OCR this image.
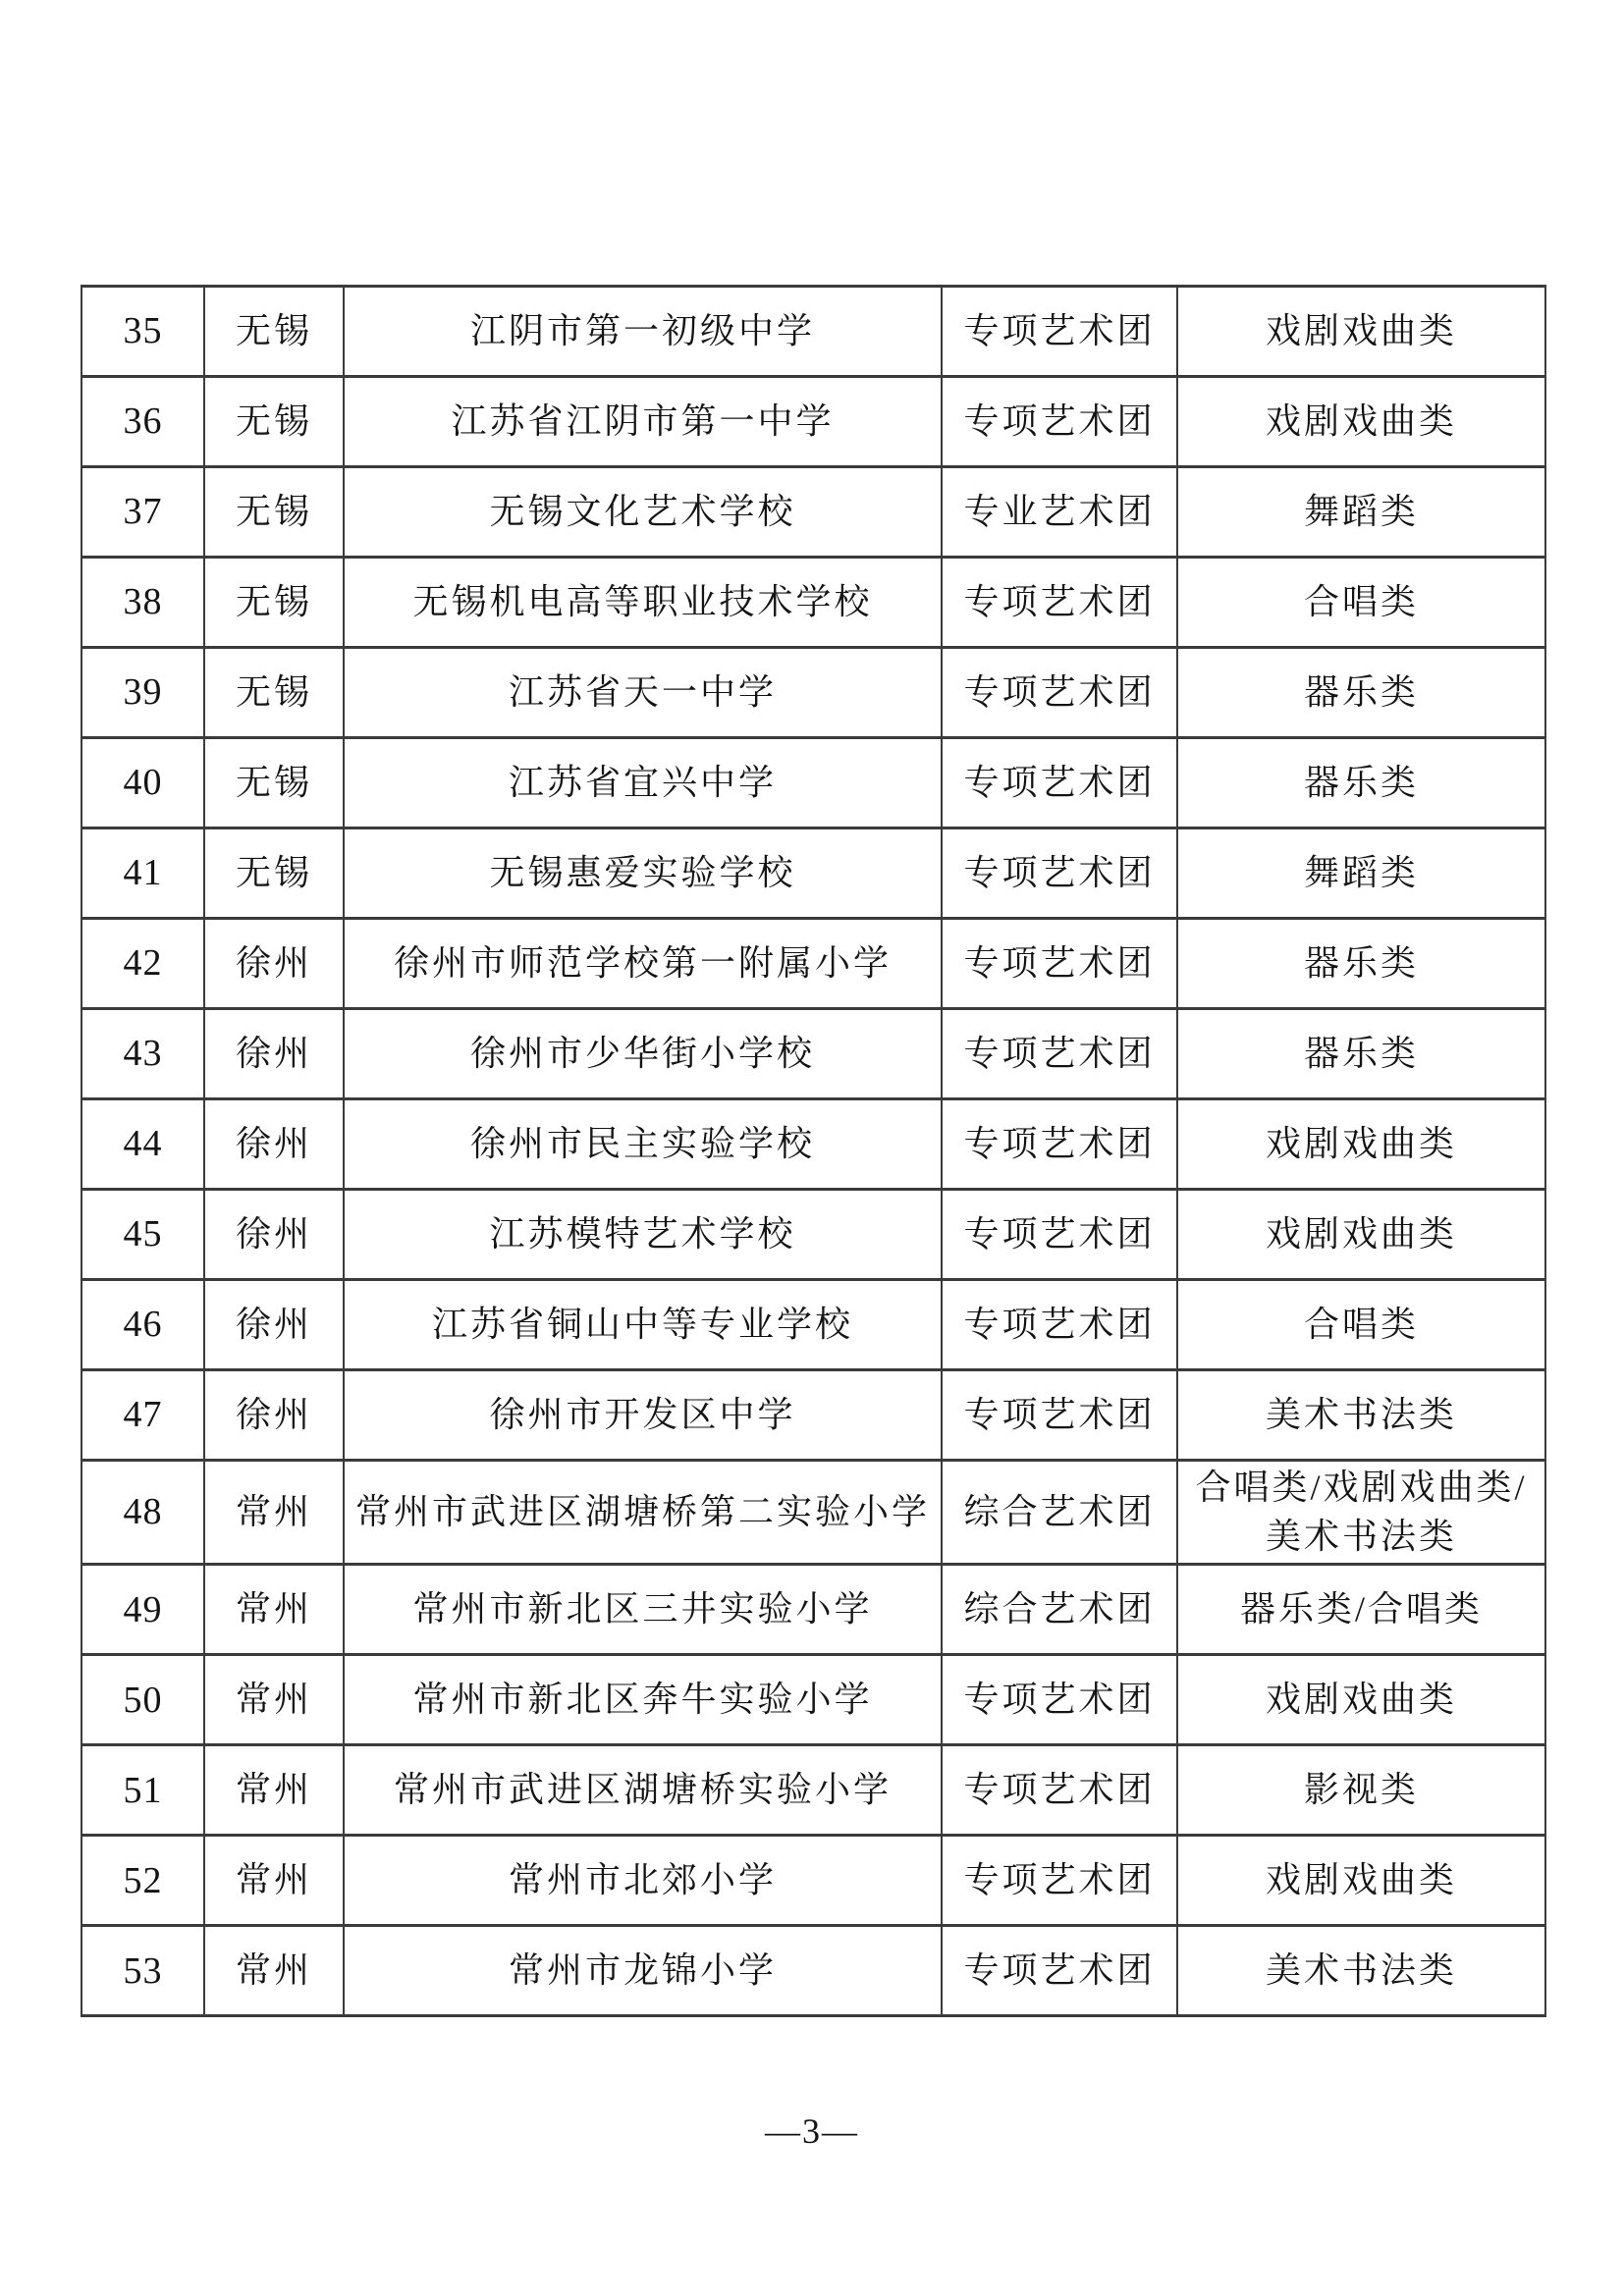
35	无锡	江阴市第一初级中学	专项艺术团	戏剧戏曲类
36	无锡	江苏省江阴市第一中学	专项艺术团	戏剧戏曲类
37	无锡	无锡文化艺术学校	专业艺术团	舞蹈类
38	无锡	无锡机电高等职业技术学校	专项艺术团	合唱类
39	无锡	江苏省天一中学	专项艺术团	器乐类
40	无锡	江苏省宜兴中学	专项艺术团	器乐类
41	无锡	无锡惠爱实验学校	专项艺术团	舞蹈类
42	徐州	徐州市师范学校第一附属小学	专项艺术团	器乐类
43	徐州	徐州市少华街小学校	专项艺术团	器乐类
44	徐州	徐州市民主实验学校	专项艺术团	戏剧戏曲类
45	徐州	江苏模特艺术学校	专项艺术团	戏剧戏曲类
46	徐州	江苏省铜山中等专业学校	专项艺术团	合唱类
47	徐州	徐州市开发区中学	专项艺术团	美术书法类
48	常州	常州市武进区湖塘桥第二实验小学	综合艺术团	合唱类/戏剧戏曲类/美术书法类
49	常州	常州市新北区三井实验小学	综合艺术团	器乐类/合唱类
50	常州	常州市新北区奔牛实验小学	专项艺术团	戏剧戏曲类
51	常州	常州市武进区湖塘桥实验小学	专项艺术团	影视类
52	常州	常州市北郊小学	专项艺术团	戏剧戏曲类
53	常州	常州市龙锦小学	专项艺术团	美术书法类
—3—
